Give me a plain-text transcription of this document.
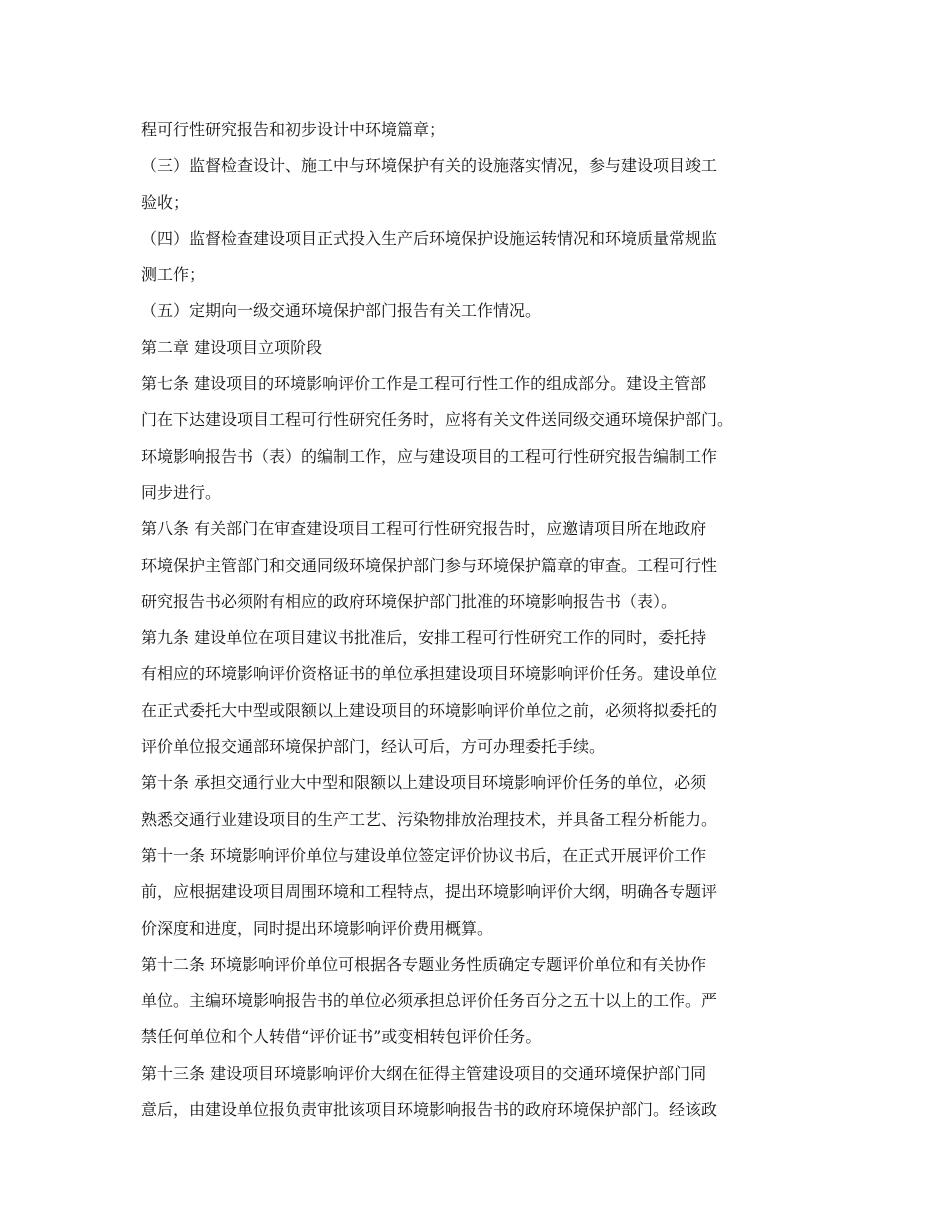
程可行性研究报告和初步设计中环境篇章；
（三）监督检查设计、施工中与环境保护有关的设施落实情况，参与建设项目竣工
验收；
（四）监督检查建设项目正式投入生产后环境保护设施运转情况和环境质量常规监
测工作；
（五）定期向一级交通环境保护部门报告有关工作情况。
第二章 建设项目立项阶段
第七条 建设项目的环境影响评价工作是工程可行性工作的组成部分。建设主管部
门在下达建设项目工程可行性研究任务时，应将有关文件送同级交通环境保护部门。
环境影响报告书（表）的编制工作，应与建设项目的工程可行性研究报告编制工作
同步进行。
第八条 有关部门在审查建设项目工程可行性研究报告时，应邀请项目所在地政府
环境保护主管部门和交通同级环境保护部门参与环境保护篇章的审查。工程可行性
研究报告书必须附有相应的政府环境保护部门批准的环境影响报告书（表）。
第九条 建设单位在项目建议书批准后，安排工程可行性研究工作的同时，委托持
有相应的环境影响评价资格证书的单位承担建设项目环境影响评价任务。建设单位
在正式委托大中型或限额以上建设项目的环境影响评价单位之前，必须将拟委托的
评价单位报交通部环境保护部门，经认可后，方可办理委托手续。
第十条 承担交通行业大中型和限额以上建设项目环境影响评价任务的单位，必须
熟悉交通行业建设项目的生产工艺、污染物排放治理技术，并具备工程分析能力。
第十一条 环境影响评价单位与建设单位签定评价协议书后，在正式开展评价工作
前，应根据建设项目周围环境和工程特点，提出环境影响评价大纲，明确各专题评
价深度和进度，同时提出环境影响评价费用概算。
第十二条 环境影响评价单位可根据各专题业务性质确定专题评价单位和有关协作
单位。主编环境影响报告书的单位必须承担总评价任务百分之五十以上的工作。严
禁任何单位和个人转借“评价证书”或变相转包评价任务。
第十三条 建设项目环境影响评价大纲在征得主管建设项目的交通环境保护部门同
意后，由建设单位报负责审批该项目环境影响报告书的政府环境保护部门。经该政
